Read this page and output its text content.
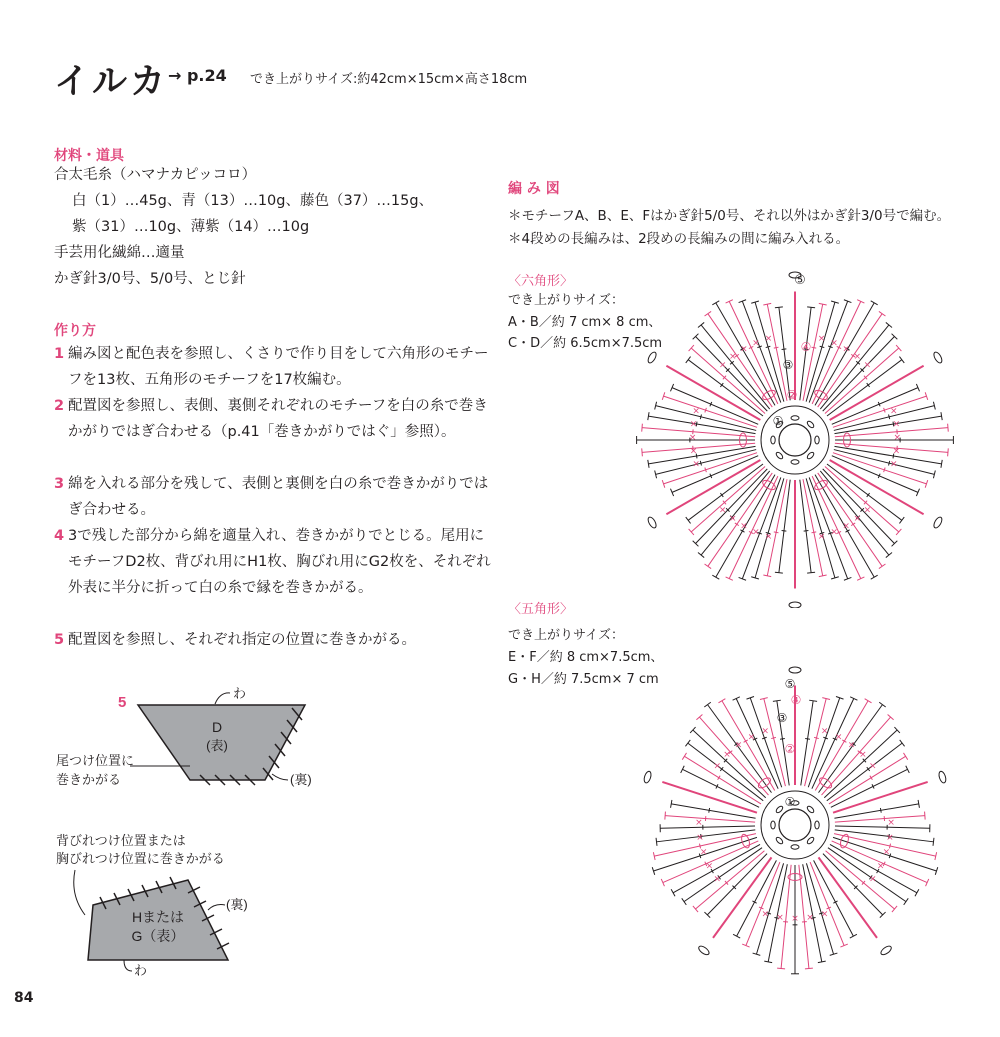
イルカ → p.24 でき上がりサイズ:約42cm×15cm×高さ18cm
材料・道具
合太毛糸（ハマナカピッコロ）
白（1）…45g、青（13）…10g、藤色（37）…15g、
紫（31）…10g、薄紫（14）…10g
手芸用化繊綿…適量
かぎ針3/0号、5/0号、とじ針
作り方
1 編み図と配色表を参照し、くさりで作り目をして六角形のモチーフを13枚、五角形のモチーフを17枚編む。
2 配置図を参照し、表側、裏側それぞれのモチーフを白の糸で巻きかがりではぎ合わせる（p.41「巻きかがりではぐ」参照）。
3 綿を入れる部分を残して、表側と裏側を白の糸で巻きかがりではぎ合わせる。
4 3で残した部分から綿を適量入れ、巻きかがりでとじる。尾用にモチーフD2枚、背びれ用にH1枚、胸びれ用にG2枚を、それぞれ外表に半分に折って白の糸で縁を巻きかがる。
5 配置図を参照し、それぞれ指定の位置に巻きかがる。
5
わ
D
(表)
(裏)
尾つけ位置に
巻きかがる
背びれつけ位置または
胸びれつけ位置に巻きかがる
Hまたは
G（表）
(裏)
わ
編 み 図
＊モチーフA、B、E、Fはかぎ針5/0号、それ以外はかぎ針3/0号で編む。
＊4段めの長編みは、2段めの長編みの間に編み入れる。
〈六角形〉
でき上がりサイズ：
A・B／約 7 cm× 8 cm、
C・D／約 6.5cm×7.5cm	× ×
×
×
×
×
×
×
×
×
×
×
×
×
×
×
×
×
×
×
×
×
×
×
×
×
×
×
× ×
⑤
④
③
②
①
〈五角形〉
でき上がりサイズ：
E・F／約 8 cm×7.5cm、
G・H／約 7.5cm× 7 cm
×
×
×
×
×
×
×
×
×
×
×
×
×
×
×
×
×
×
×
×
×
×
×
×
×
⑤
④
③
②
①
84
